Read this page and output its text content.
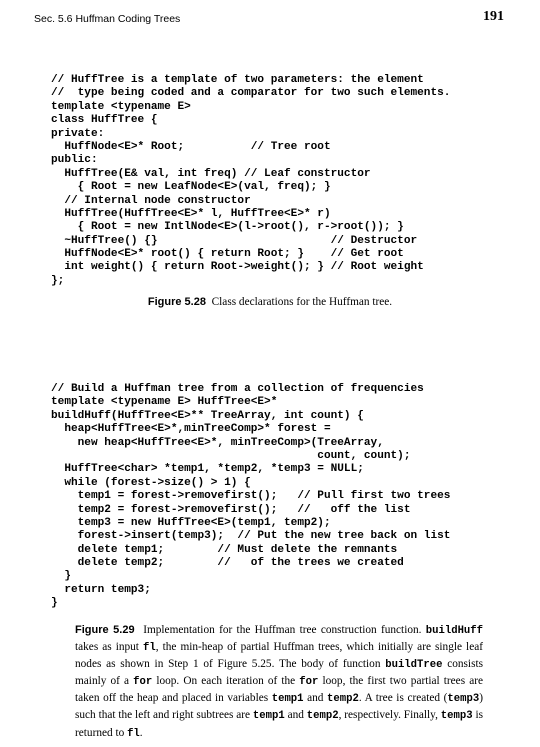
Sec. 5.6 Huffman Coding Trees	191
// HuffTree is a template of two parameters: the element
//  type being coded and a comparator for two such elements.
template <typename E>
class HuffTree {
private:
HuffNode<E>* Root;          // Tree root
public:
HuffTree(E& val, int freq) // Leaf constructor
{ Root = new LeafNode<E>(val, freq); }
// Internal node constructor
HuffTree(HuffTree<E>* l, HuffTree<E>* r)
{ Root = new IntlNode<E>(l->root(), r->root()); }
~HuffTree() {}                          // Destructor
HuffNode<E>* root() { return Root; }    // Get root
int weight() { return Root->weight(); } // Root weight
};
Figure 5.28 Class declarations for the Huffman tree.
// Build a Huffman tree from a collection of frequencies
template <typename E> HuffTree<E>*
buildHuff(HuffTree<E>** TreeArray, int count) {
heap<HuffTree<E>*,minTreeComp>* forest =
new heap<HuffTree<E>*, minTreeComp>(TreeArray,
count, count);
HuffTree<char> *temp1, *temp2, *temp3 = NULL;
while (forest->size() > 1) {
temp1 = forest->removefirst();   // Pull first two trees
temp2 = forest->removefirst();   //   off the list
temp3 = new HuffTree<E>(temp1, temp2);
forest->insert(temp3);  // Put the new tree back on list
delete temp1;        // Must delete the remnants
delete temp2;        //   of the trees we created
}
return temp3;
}
Figure 5.29 Implementation for the Huffman tree construction function. buildHuff takes as input fl, the min-heap of partial Huffman trees, which initially are single leaf nodes as shown in Step 1 of Figure 5.25. The body of function buildTree consists mainly of a for loop. On each iteration of the for loop, the first two partial trees are taken off the heap and placed in variables temp1 and temp2. A tree is created (temp3) such that the left and right subtrees are temp1 and temp2, respectively. Finally, temp3 is returned to fl.
